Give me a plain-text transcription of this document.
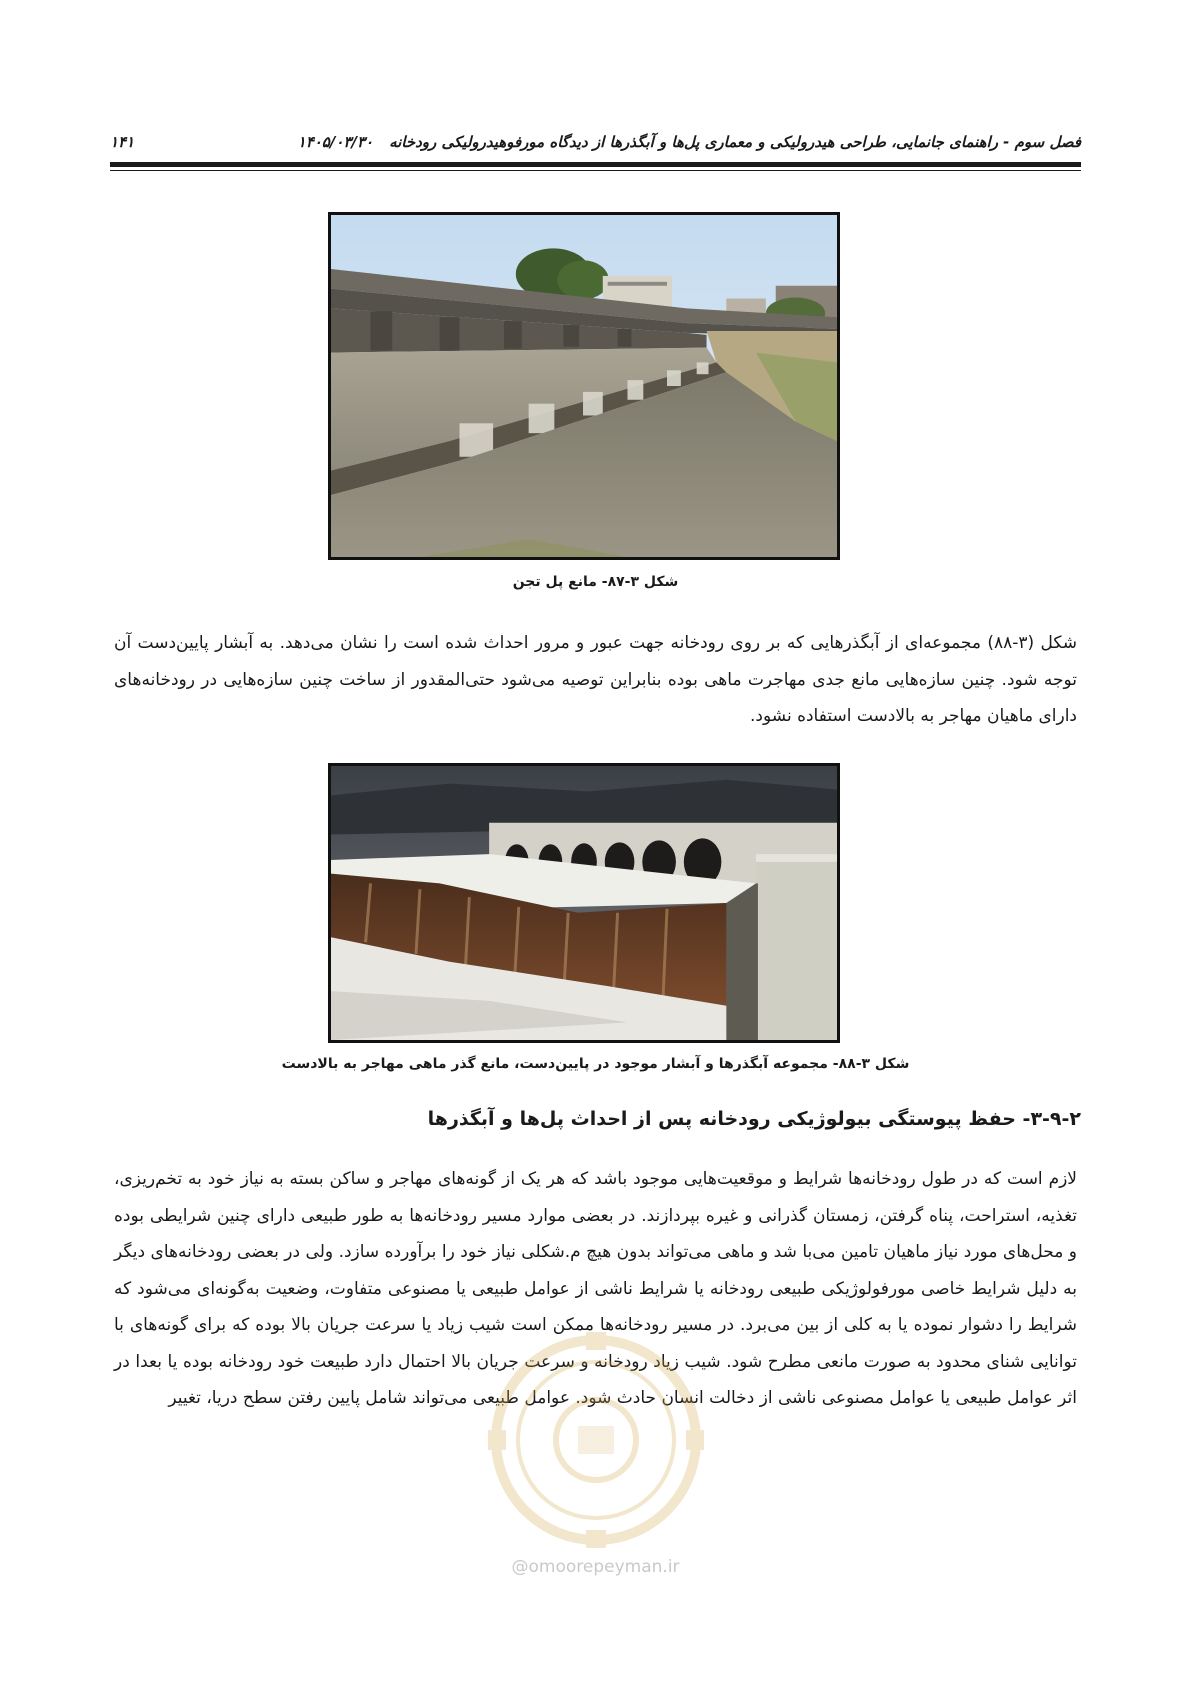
فصل سوم - راهنمای جانمایی، طراحی هیدرولیکی و معماری پل‌ها و آبگذرها از دیدگاه مورفوهیدرولیکی رودخانه
۱۴۰۵/۰۳/۳۰
۱۴۱
شکل ۳-۸۷- مانع پل تجن

شکل (۳-۸۸) مجموعه‌ای از آبگذرهایی که بر روی رودخانه جهت عبور و مرور احداث شده است را نشان می‌دهد. به آبشار پایین‌دست آن توجه شود. چنین سازه‌هایی مانع جدی مهاجرت ماهی بوده بنابراین توصیه می‌شود حتی‌المقدور از ساخت چنین سازه‌هایی در رودخانه‌های دارای ماهیان مهاجر به بالادست استفاده نشود.

شکل ۳-۸۸- مجموعه آبگذرها و آبشار موجود در پایین‌دست، مانع گذر ماهی مهاجر به بالادست
۳-۹-۲- حفظ پیوستگی بیولوژیکی رودخانه پس از احداث پل‌ها و آبگذرها

لازم است که در طول رودخانه‌ها شرایط و موقعیت‌هایی موجود باشد که هر یک از گونه‌های مهاجر و ساکن بسته به نیاز خود به تخم‌ریزی، تغذیه، استراحت، پناه گرفتن، زمستان گذرانی و غیره بپردازند. در بعضی موارد مسیر رودخانه‌ها به طور طبیعی دارای چنین شرایطی بوده و محل‌های مورد نیاز ماهیان تامین می‌با شد و ماهی می‌تواند بدون هیچ م.شکلی نیاز خود را برآورده سازد. ولی در بعضی رودخانه‌های دیگر به دلیل شرایط خاصی مورفولوژیکی طبیعی رودخانه یا شرایط ناشی از عوامل طبیعی یا مصنوعی متفاوت، وضعیت به‌گونه‌ای می‌شود که شرایط را دشوار نموده یا به کلی از بین می‌برد. در مسیر رودخانه‌ها ممکن است شیب زیاد یا سرعت جریان بالا بوده که برای گونه‌های با توانایی شنای محدود به صورت مانعی مطرح شود. شیب زیاد رودخانه و سرعت جریان بالا احتمال دارد طبیعت خود رودخانه بوده یا بعدا در اثر عوامل طبیعی یا عوامل مصنوعی ناشی از دخالت انسان حادث شود. عوامل طبیعی می‌تواند شامل پایین رفتن سطح دریا، تغییر

@omoorepeyman.ir
